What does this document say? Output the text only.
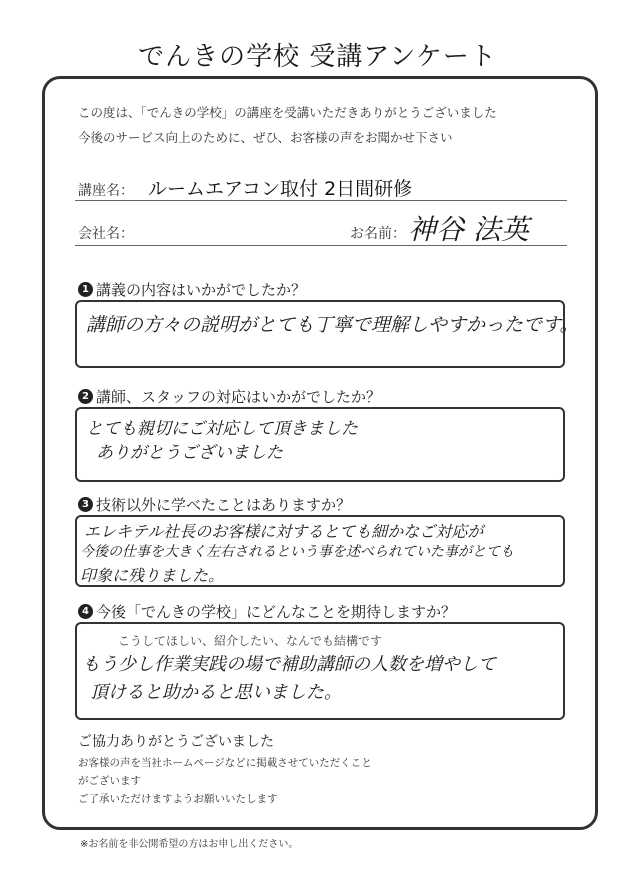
でんきの学校 受講アンケート
この度は、「でんきの学校」の講座を受講いただきありがとうございました
今後のサービス向上のために、ぜひ、お客様の声をお聞かせ下さい
講座名： ルームエアコン取付 2日間研修
会社名：	お名前： 神谷 法英
1 講義の内容はいかがでしたか？
講師の方々の説明がとても丁寧で理解しやすかったです。
2 講師、スタッフの対応はいかがでしたか？
とても親切にご対応して頂きました
ありがとうございました
3 技術以外に学べたことはありますか？
エレキテル社長のお客様に対するとても細かなご対応が
今後の仕事を大きく左右されるという事を述べられていた事がとても
印象に残りました。
4 今後「でんきの学校」にどんなことを期待しますか？
こうしてほしい、紹介したい、なんでも結構です
もう少し作業実践の場で補助講師の人数を増やして
頂けると助かると思いました。
ご協力ありがとうございました
お客様の声を当社ホームページなどに掲載させていただくこと
がございます
ご了承いただけますようお願いいたします
※お名前を非公開希望の方はお申し出ください。
